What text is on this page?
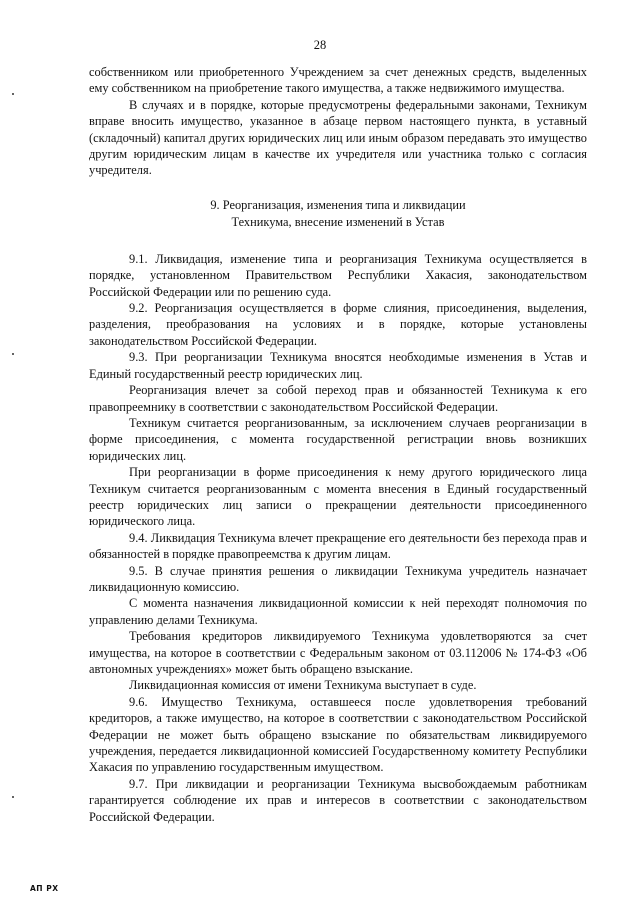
28

собственником или приобретенного Учреждением за счет денежных средств, выделенных ему собственником на приобретение такого имущества, а также недвижимого имущества.

В случаях и в порядке, которые предусмотрены федеральными законами, Техникум вправе вносить имущество, указанное в абзаце первом настоящего пункта, в уставный (складочный) капитал других юридических лиц или иным образом передавать это имущество другим юридическим лицам в качестве их учредителя или участника только с согласия учредителя.

9. Реорганизация, изменения типа и ликвидации
Техникума, внесение изменений в Устав

9.1. Ликвидация, изменение типа и реорганизация Техникума осуществляется в порядке, установленном Правительством Республики Хакасия, законодательством Российской Федерации или по решению суда.

9.2. Реорганизация осуществляется в форме слияния, присоединения, выделения, разделения, преобразования на условиях и в порядке, которые установлены законодательством Российской Федерации.

9.3. При реорганизации Техникума вносятся необходимые изменения в Устав и Единый государственный реестр юридических лиц.

Реорганизация влечет за собой переход прав и обязанностей Техникума к его правопреемнику в соответствии с законодательством Российской Федерации.

Техникум считается реорганизованным, за исключением случаев реорганизации в форме присоединения, с момента государственной регистрации вновь возникших юридических лиц.

При реорганизации в форме присоединения к нему другого юридического лица Техникум считается реорганизованным с момента внесения в Единый государственный реестр юридических лиц записи о прекращении деятельности присоединенного юридического лица.

9.4. Ликвидация Техникума влечет прекращение его деятельности без перехода прав и обязанностей в порядке правопреемства к другим лицам.

9.5. В случае принятия решения о ликвидации Техникума учредитель назначает ликвидационную комиссию.

С момента назначения ликвидационной комиссии к ней переходят полномочия по управлению делами Техникума.

Требования кредиторов ликвидируемого Техникума удовлетворяются за счет имущества, на которое в соответствии с Федеральным законом от 03.112006 № 174-ФЗ «Об автономных учреждениях» может быть обращено взыскание.

Ликвидационная комиссия от имени Техникума выступает в суде.

9.6. Имущество Техникума, оставшееся после удовлетворения требований кредиторов, а также имущество, на которое в соответствии с законодательством Российской Федерации не может быть обращено взыскание по обязательствам ликвидируемого учреждения, передается ликвидационной комиссией Государственному комитету Республики Хакасия по управлению государственным имуществом.

9.7. При ликвидации и реорганизации Техникума высвобождаемым работникам гарантируется соблюдение их прав и интересов в соответствии с законодательством Российской Федерации.

АП РХ
